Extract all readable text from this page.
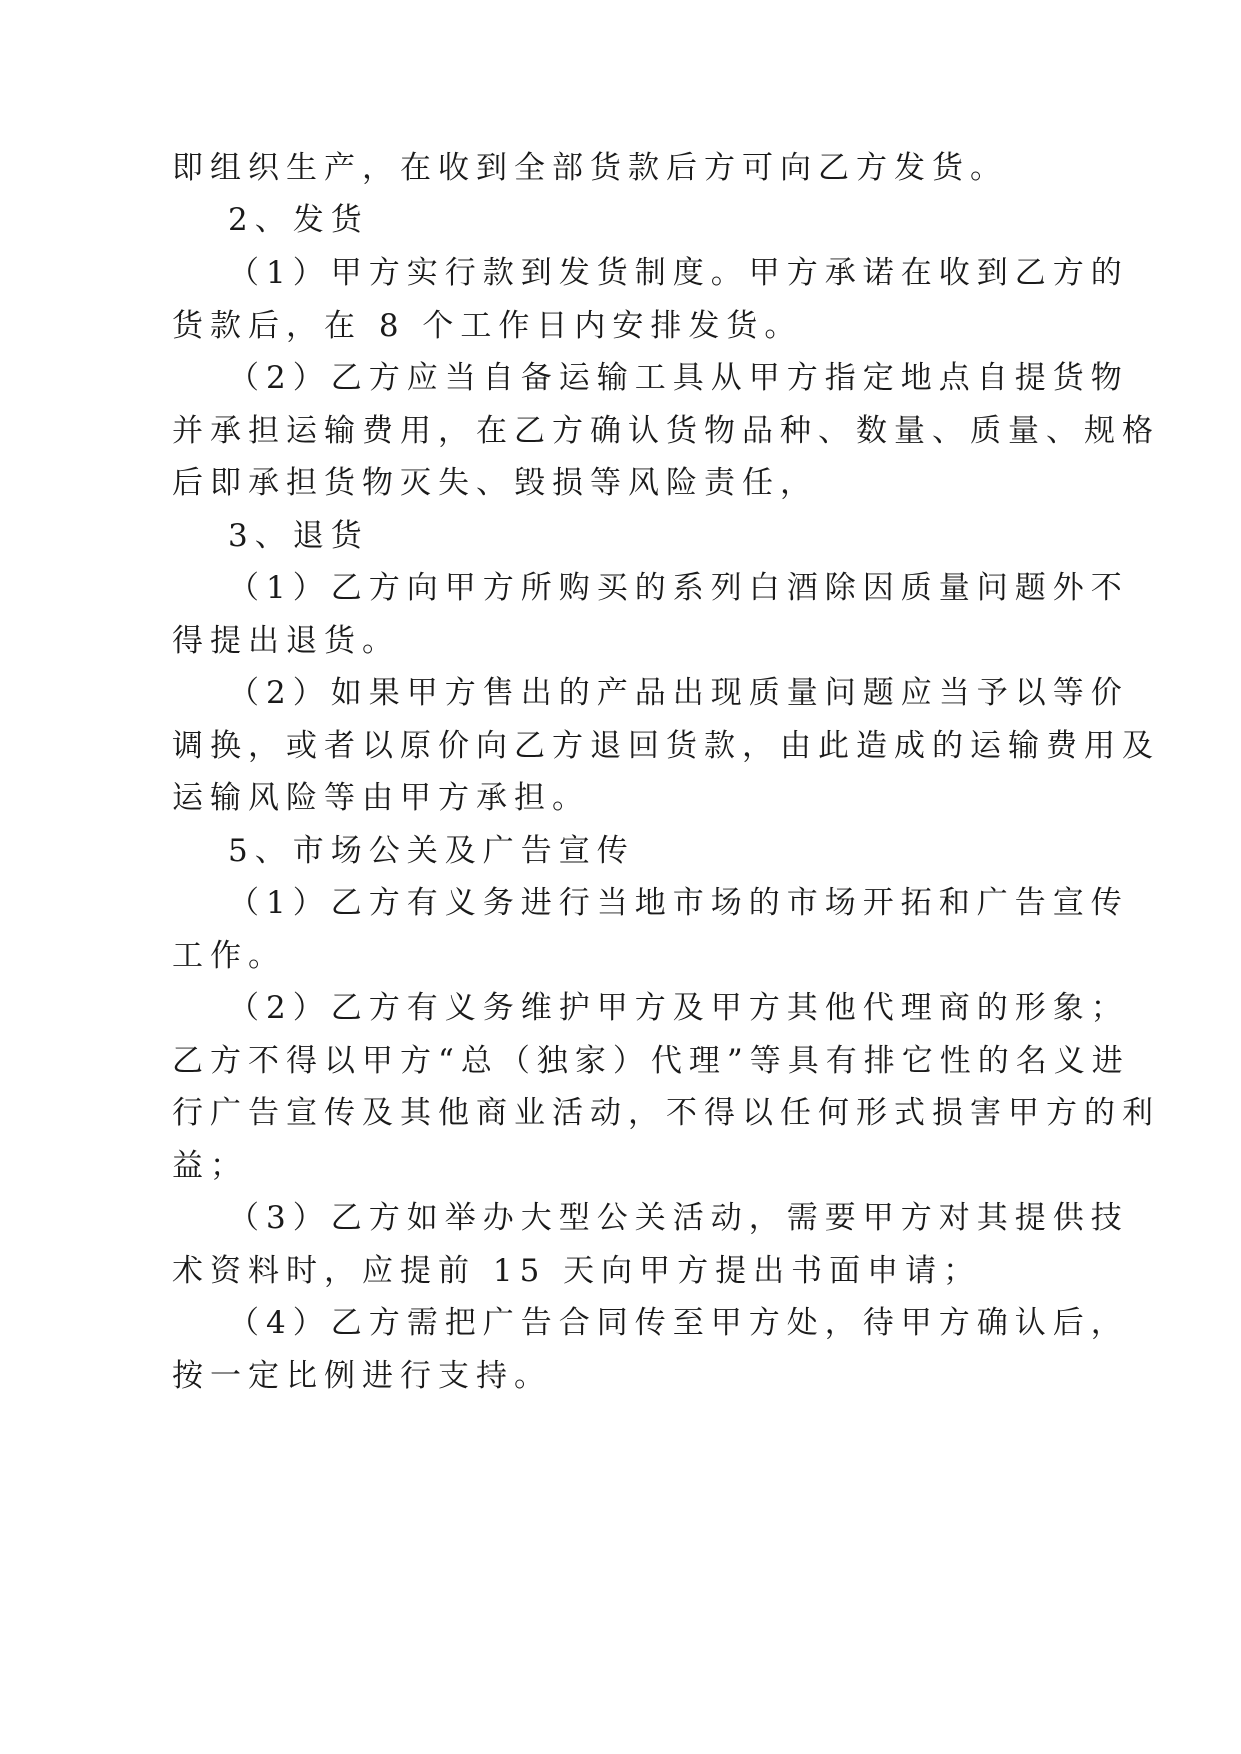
即组织生产，在收到全部货款后方可向乙方发货。
2、发货
（1）甲方实行款到发货制度。甲方承诺在收到乙方的
货款后，在 8 个工作日内安排发货。
（2）乙方应当自备运输工具从甲方指定地点自提货物
并承担运输费用，在乙方确认货物品种、数量、质量、规格
后即承担货物灭失、毁损等风险责任，
3、退货
（1）乙方向甲方所购买的系列白酒除因质量问题外不
得提出退货。
（2）如果甲方售出的产品出现质量问题应当予以等价
调换，或者以原价向乙方退回货款，由此造成的运输费用及
运输风险等由甲方承担。
5、市场公关及广告宣传
（1）乙方有义务进行当地市场的市场开拓和广告宣传
工作。
（2）乙方有义务维护甲方及甲方其他代理商的形象；
乙方不得以甲方“总（独家）代理”等具有排它性的名义进
行广告宣传及其他商业活动，不得以任何形式损害甲方的利
益；
（3）乙方如举办大型公关活动，需要甲方对其提供技
术资料时，应提前 15 天向甲方提出书面申请；
（4）乙方需把广告合同传至甲方处，待甲方确认后，
按一定比例进行支持。
